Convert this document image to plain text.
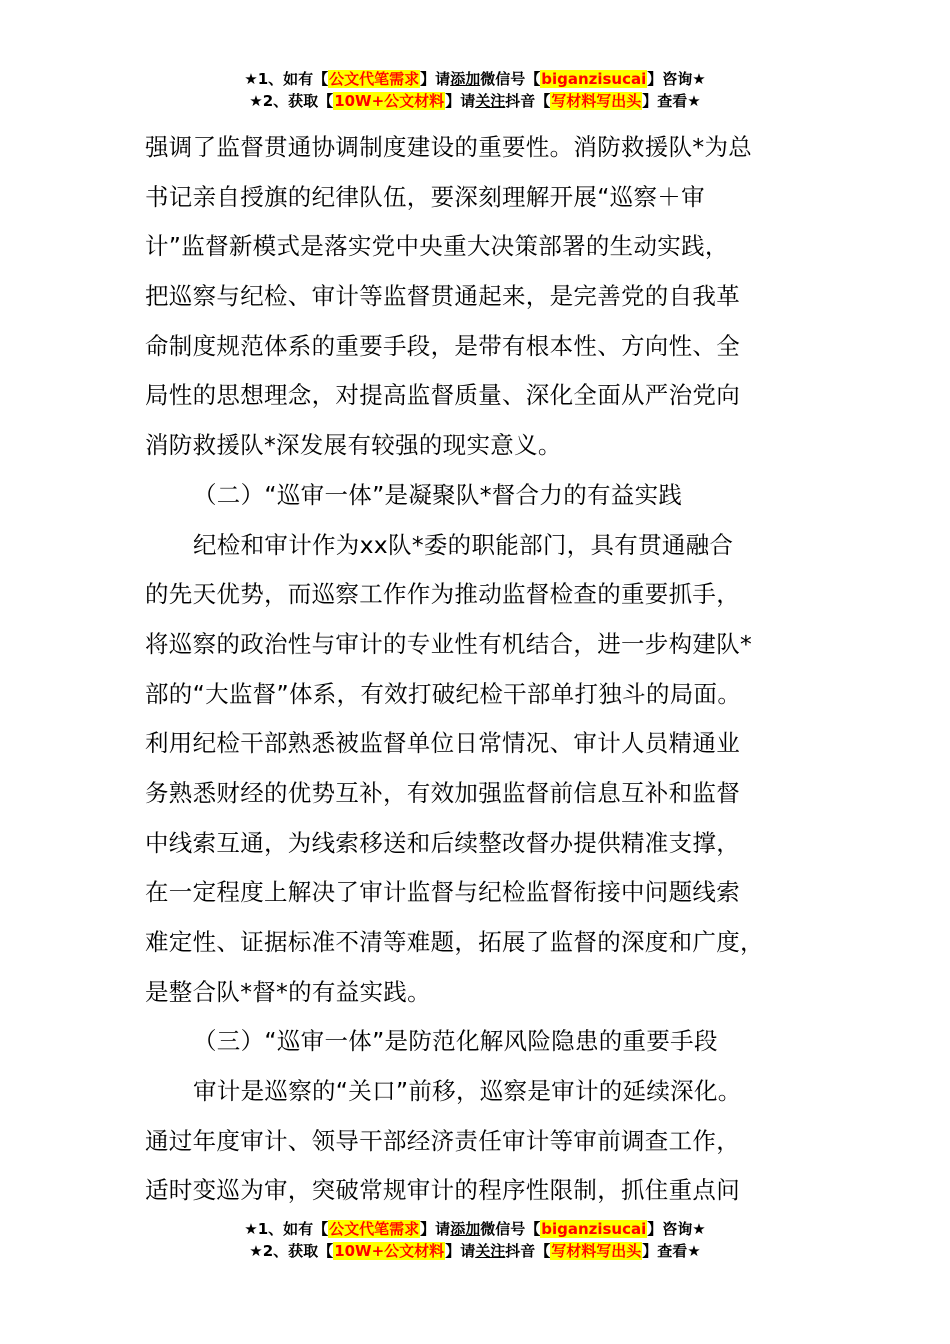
★1、如有【公文代笔需求】请添加微信号【biganzisucai】咨询★
★2、获取【10W+公文材料】请关注抖音【写材料写出头】查看★
强调了监督贯通协调制度建设的重要性。消防救援队*为总
书记亲自授旗的纪律队伍，要深刻理解开展“巡察＋审
计”监督新模式是落实党中央重大决策部署的生动实践，
把巡察与纪检、审计等监督贯通起来，是完善党的自我革
命制度规范体系的重要手段，是带有根本性、方向性、全
局性的思想理念，对提高监督质量、深化全面从严治党向
消防救援队*深发展有较强的现实意义。
（二）“巡审一体”是凝聚队*督合力的有益实践
纪检和审计作为xx队*委的职能部门，具有贯通融合
的先天优势，而巡察工作作为推动监督检查的重要抓手，
将巡察的政治性与审计的专业性有机结合，进一步构建队*
部的“大监督”体系，有效打破纪检干部单打独斗的局面。
利用纪检干部熟悉被监督单位日常情况、审计人员精通业
务熟悉财经的优势互补，有效加强监督前信息互补和监督
中线索互通，为线索移送和后续整改督办提供精准支撑，
在一定程度上解决了审计监督与纪检监督衔接中问题线索
难定性、证据标准不清等难题，拓展了监督的深度和广度，
是整合队*督*的有益实践。
（三）“巡审一体”是防范化解风险隐患的重要手段
审计是巡察的“关口”前移，巡察是审计的延续深化。
通过年度审计、领导干部经济责任审计等审前调查工作，
适时变巡为审，突破常规审计的程序性限制，抓住重点问
★1、如有【公文代笔需求】请添加微信号【biganzisucai】咨询★
★2、获取【10W+公文材料】请关注抖音【写材料写出头】查看★
